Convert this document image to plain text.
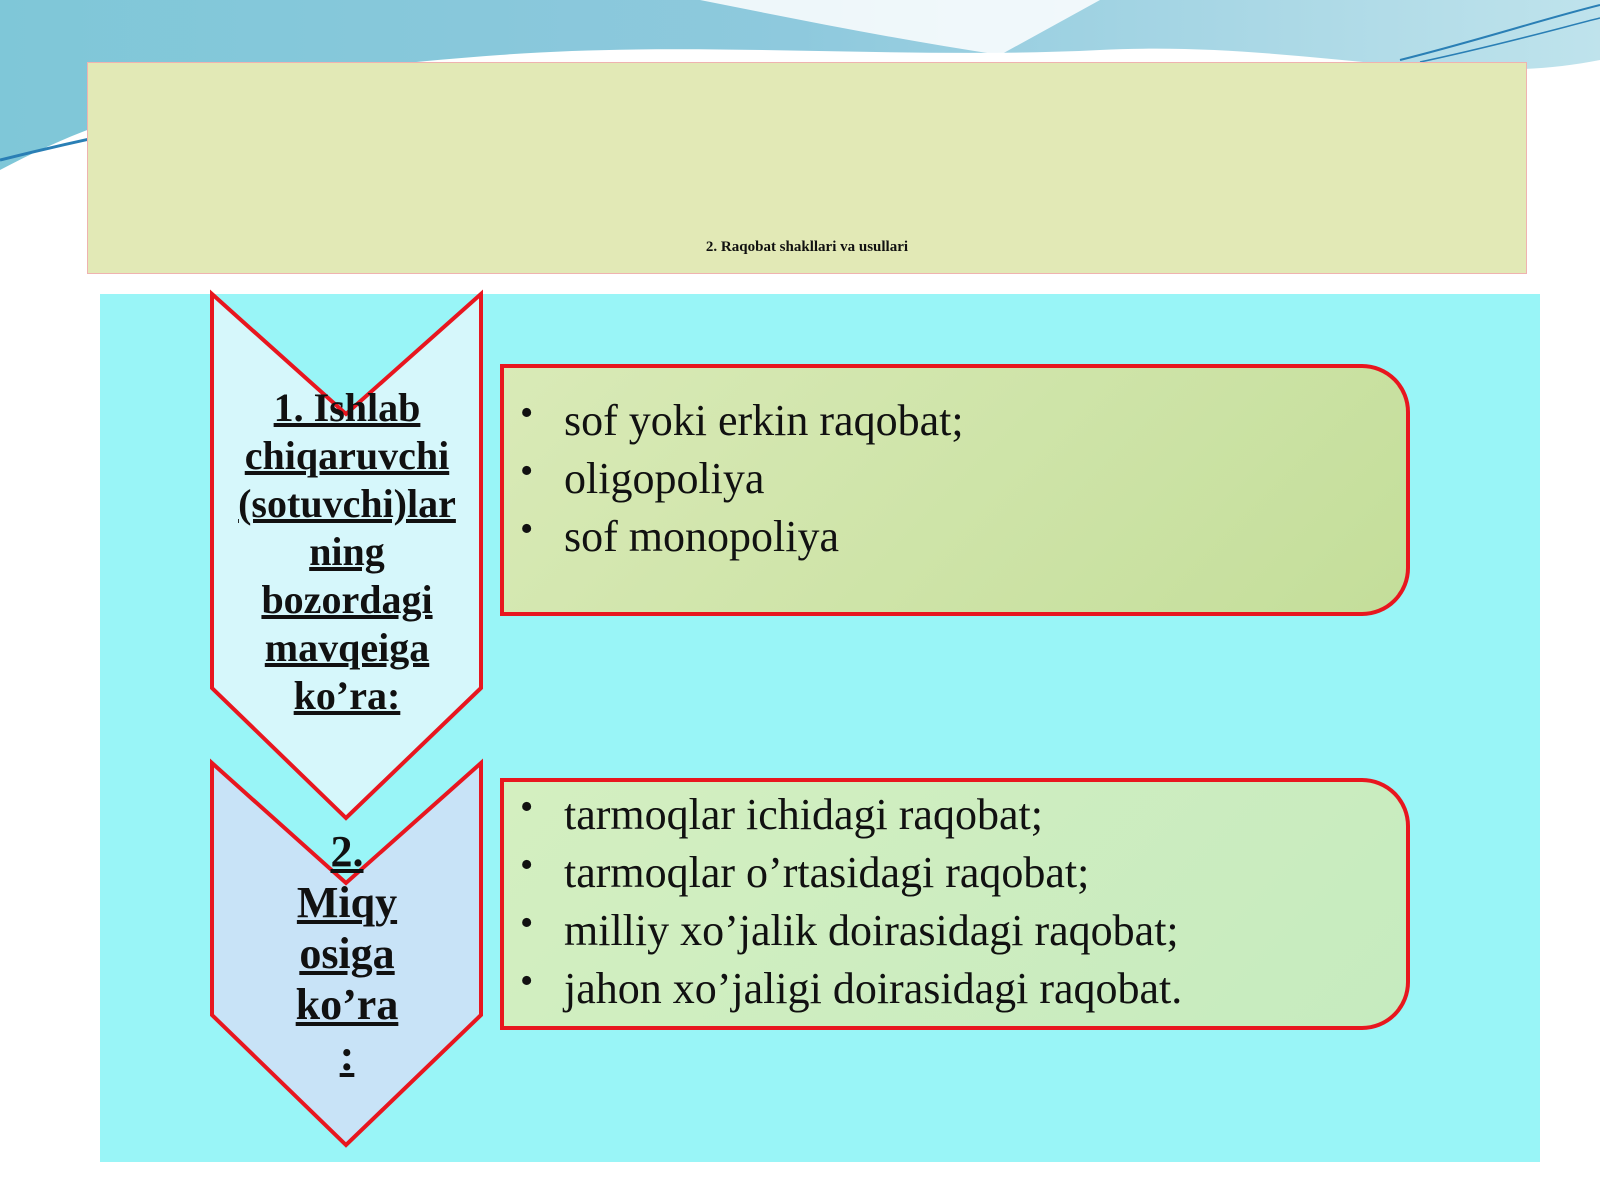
2. Raqobat shakllari va usullari
1. Ishlab
chiqaruvchi
(sotuvchi)lar
ning
bozordagi
mavqeiga
ko’ra:
2.
Miqy
osiga
ko’ra
:
• sof yoki erkin raqobat;
• oligopoliya
• sof monopoliya
• tarmoqlar ichidagi raqobat;
• tarmoqlar o’rtasidagi raqobat;
• milliy xo’jalik doirasidagi raqobat;
• jahon xo’jaligi doirasidagi raqobat.
